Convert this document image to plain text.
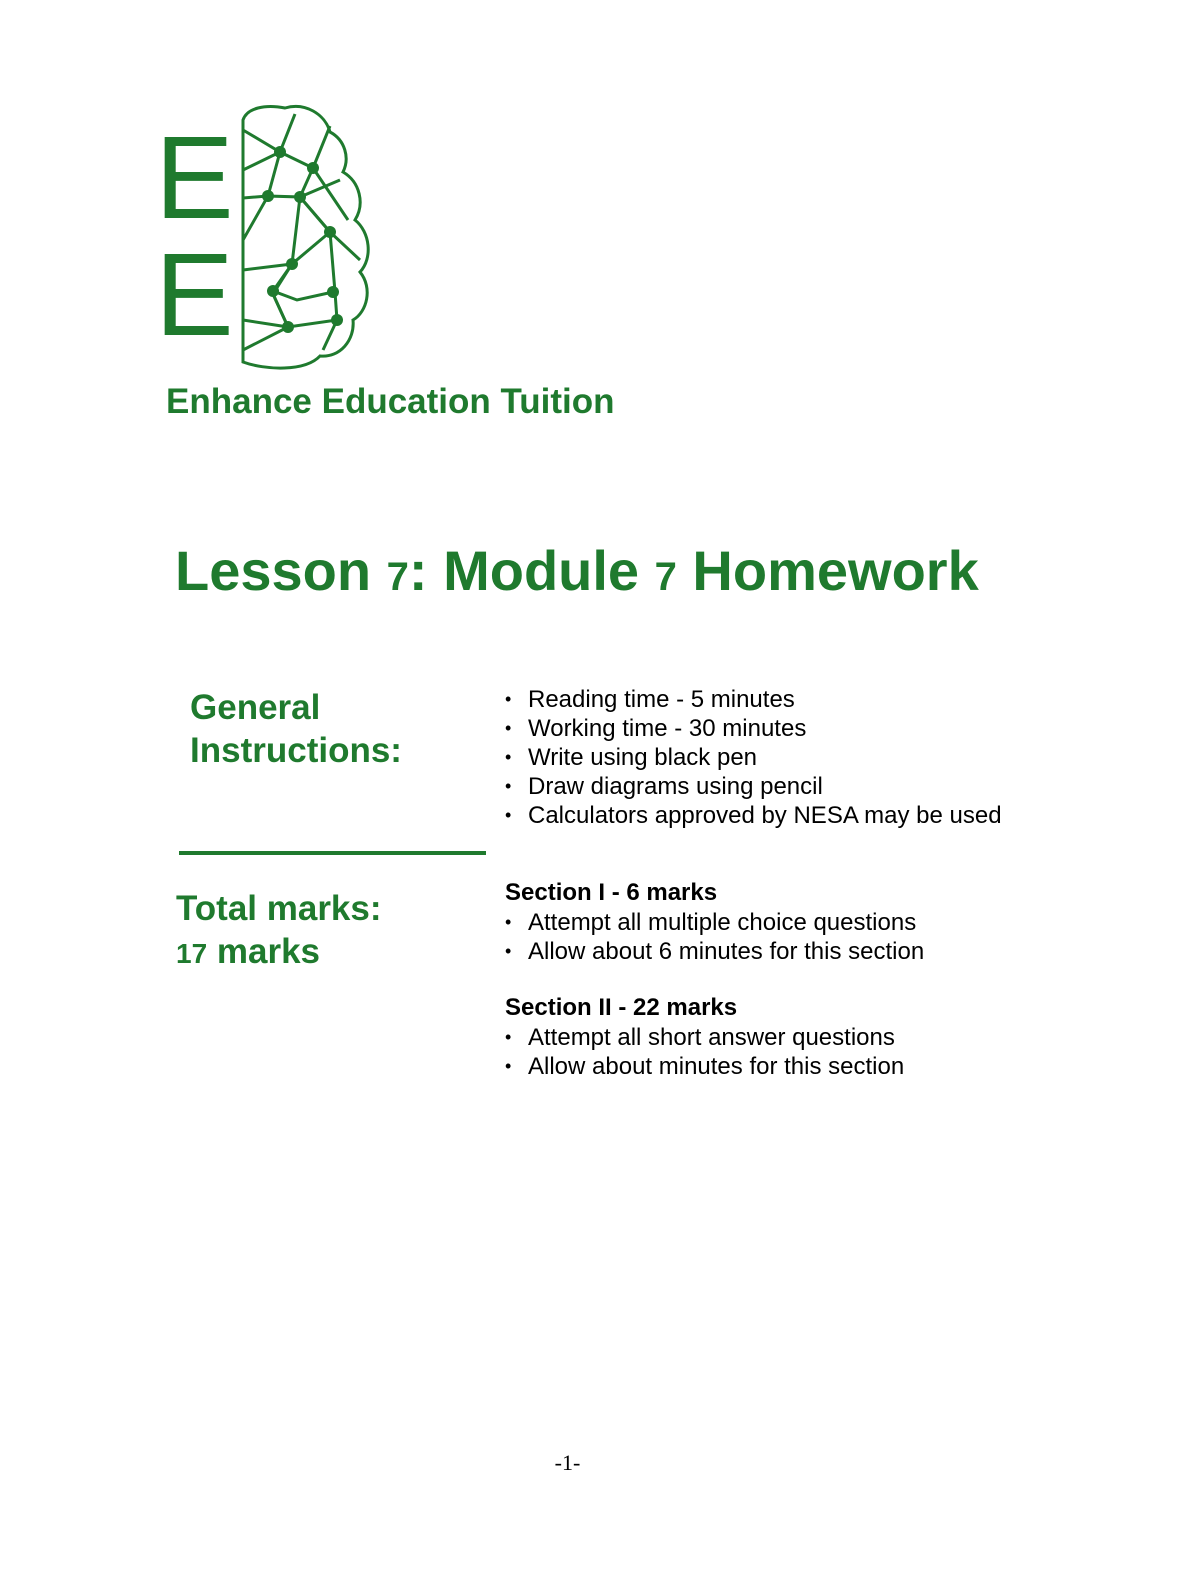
E
E
Enhance Education Tuition
Lesson 7: Module 7 Homework
General
Instructions:
• Reading time - 5 minutes
• Working time - 30 minutes
• Write using black pen
• Draw diagrams using pencil
• Calculators approved by NESA may be used
Total marks:
17 marks
Section I - 6 marks
• Attempt all multiple choice questions
• Allow about 6 minutes for this section
Section II - 22 marks
• Attempt all short answer questions
• Allow about minutes for this section
-1-
